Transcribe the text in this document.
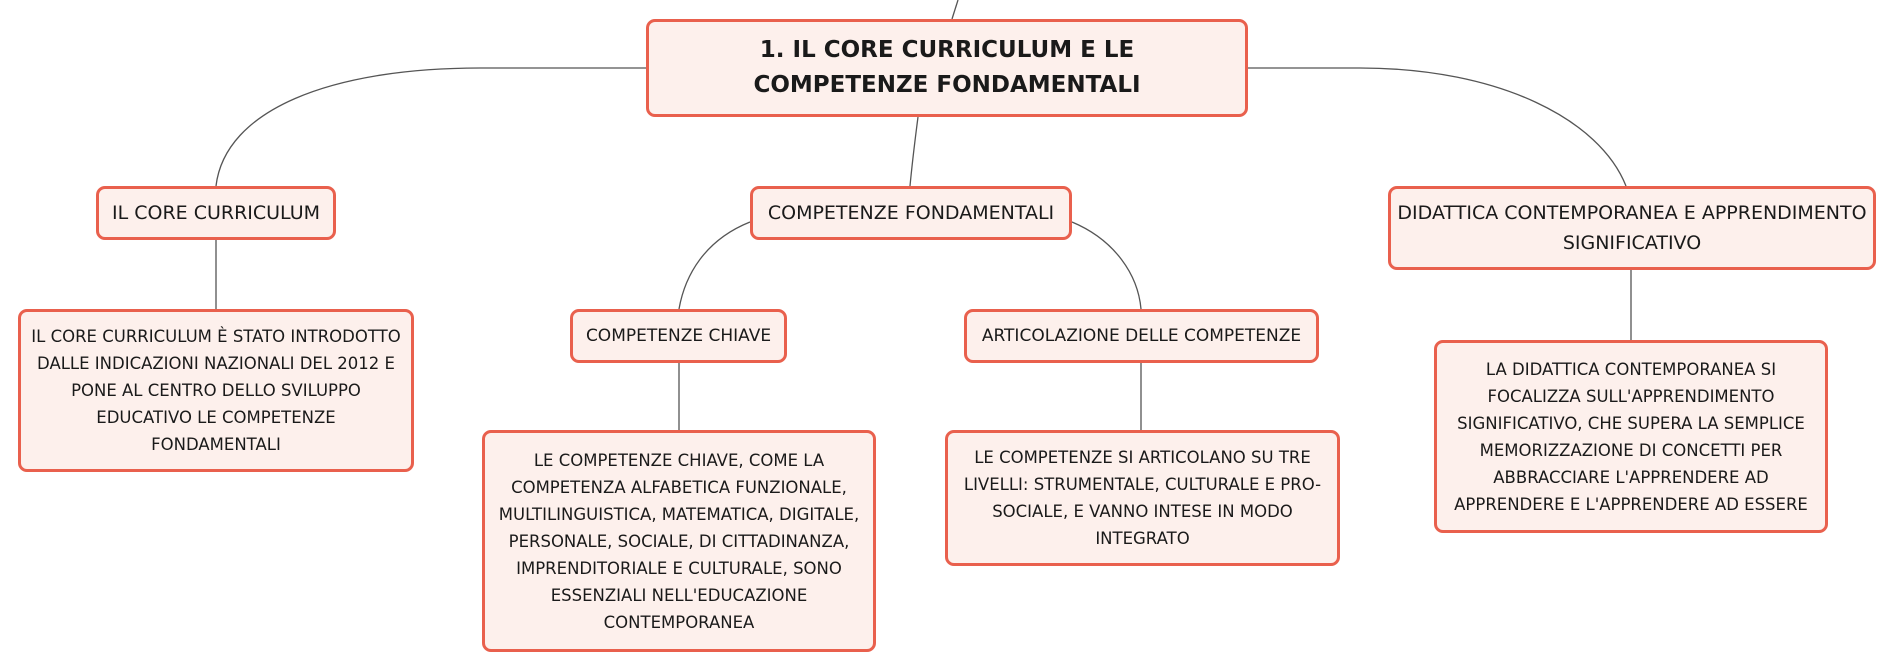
1. IL CORE CURRICULUM E LE COMPETENZE FONDAMENTALI
IL CORE CURRICULUM	COMPETENZE FONDAMENTALI	DIDATTICA CONTEMPORANEA E APPRENDIMENTO SIGNIFICATIVO
COMPETENZE CHIAVE	ARTICOLAZIONE DELLE COMPETENZE
IL CORE CURRICULUM È STATO INTRODOTTO DALLE INDICAZIONI NAZIONALI DEL 2012 E PONE AL CENTRO DELLO SVILUPPO EDUCATIVO LE COMPETENZE FONDAMENTALI
LE COMPETENZE CHIAVE, COME LA COMPETENZA ALFABETICA FUNZIONALE, MULTILINGUISTICA, MATEMATICA, DIGITALE, PERSONALE, SOCIALE, DI CITTADINANZA, IMPRENDITORIALE E CULTURALE, SONO ESSENZIALI NELL'EDUCAZIONE CONTEMPORANEA
LE COMPETENZE SI ARTICOLANO SU TRE LIVELLI: STRUMENTALE, CULTURALE E PRO-SOCIALE, E VANNO INTESE IN MODO INTEGRATO
LA DIDATTICA CONTEMPORANEA SI FOCALIZZA SULL'APPRENDIMENTO SIGNIFICATIVO, CHE SUPERA LA SEMPLICE MEMORIZZAZIONE DI CONCETTI PER ABBRACCIARE L'APPRENDERE AD APPRENDERE E L'APPRENDERE AD ESSERE
